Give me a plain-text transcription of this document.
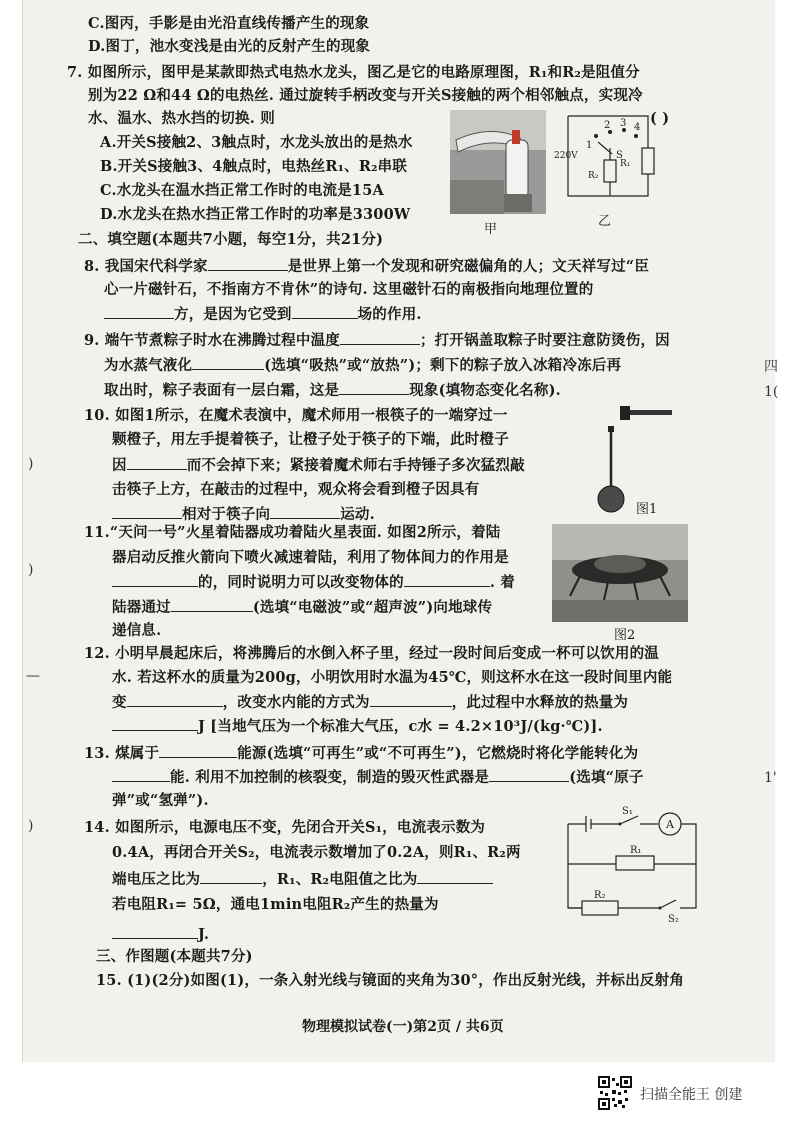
C.图丙，手影是由光沿直线传播产生的现象
D.图丁，池水变浅是由光的反射产生的现象
7. 如图所示，图甲是某款即热式电热水龙头，图乙是它的电路原理图，R₁和R₂是阻值分
别为22 Ω和44 Ω的电热丝. 通过旋转手柄改变与开关S接触的两个相邻触点，实现冷
水、温水、热水挡的切换. 则	( )
A.开关S接触2、3触点时，水龙头放出的是热水
B.开关S接触3、4触点时，电热丝R₁、R₂串联
C.水龙头在温水挡正常工作时的电流是15A
D.水龙头在热水挡正常工作时的功率是3300W
甲
220V
1
2 3 4
S
R₁
R₂
乙
二、填空题(本题共7小题，每空1分，共21分)
8. 我国宋代科学家	是世界上第一个发现和研究磁偏角的人；文天祥写过“臣
心一片磁针石，不指南方不肯休”的诗句. 这里磁针石的南极指向地理位置的
方，是因为它受到	场的作用.
9. 端午节煮粽子时水在沸腾过程中温度	；打开锅盖取粽子时要注意防烫伤，因
为水蒸气液化	(选填“吸热”或“放热”)；剩下的粽子放入冰箱冷冻后再
取出时，粽子表面有一层白霜，这是	现象(填物态变化名称).
10. 如图1所示，在魔术表演中，魔术师用一根筷子的一端穿过一
颗橙子，用左手提着筷子，让橙子处于筷子的下端，此时橙子
因	而不会掉下来；紧接着魔术师右手持锤子多次猛烈敲
击筷子上方，在敲击的过程中，观众将会看到橙子因具有
相对于筷子向	运动.	图1
11.“天问一号”火星着陆器成功着陆火星表面. 如图2所示，着陆
器启动反推火箭向下喷火减速着陆，利用了物体间力的作用是
的，同时说明力可以改变物体的	. 着
陆器通过	(选填“电磁波”或“超声波”)向地球传
递信息.	图2
12. 小明早晨起床后，将沸腾后的水倒入杯子里，经过一段时间后变成一杯可以饮用的温
水. 若这杯水的质量为200g，小明饮用时水温为45℃，则这杯水在这一段时间里内能
变	，改变水内能的方式为	，此过程中水释放的热量为
J [当地气压为一个标准大气压，c水 = 4.2×10³J/(kg·℃)].
13. 煤属于	能源(选填“可再生”或“不可再生”)，它燃烧时将化学能转化为
能. 利用不加控制的核裂变，制造的毁灭性武器是	(选填“原子
弹”或“氢弹”).
14. 如图所示，电源电压不变，先闭合开关S₁，电流表示数为
0.4A，再闭合开关S₂，电流表示数增加了0.2A，则R₁、R₂两
端电压之比为	，R₁、R₂电阻值之比为
若电阻R₁= 5Ω，通电1min电阻R₂产生的热量为
J.
S₁
A
R₁
R₂
S₂
三、作图题(本题共7分)
15. (1)(2分)如图(1)，一条入射光线与镜面的夹角为30°，作出反射光线，并标出反射角
物理模拟试卷(一)第2页 / 共6页
四
1(
1'
)
)
—
)
扫描全能王 创建
